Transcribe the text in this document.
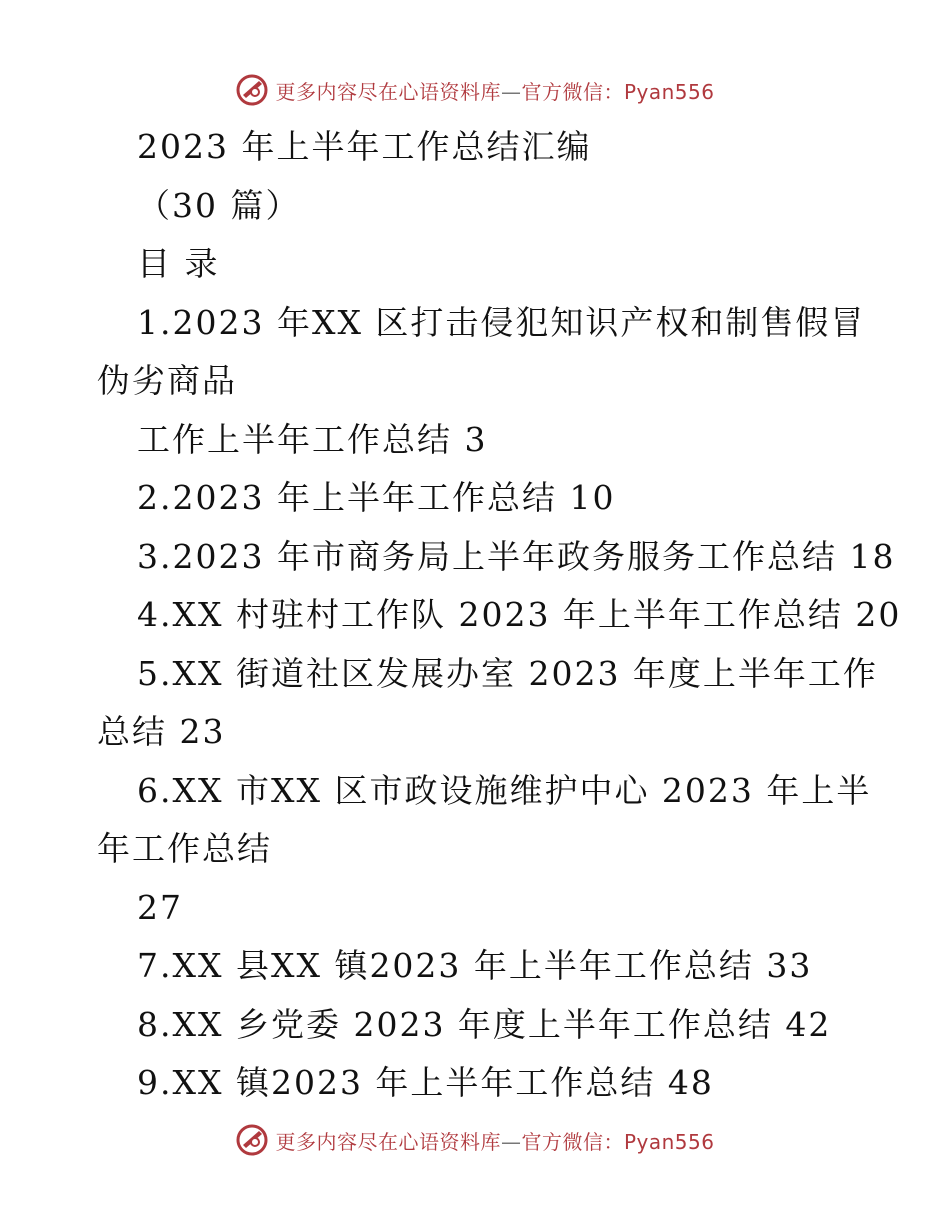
更多内容尽在心语资料库—官方微信：Pyan556
2023 年上半年工作总结汇编
（30 篇）
目 录
1.2023 年XX 区打击侵犯知识产权和制售假冒
伪劣商品
工作上半年工作总结 3
2.2023 年上半年工作总结 10
3.2023 年市商务局上半年政务服务工作总结 18
4.XX 村驻村工作队 2023 年上半年工作总结 20
5.XX 街道社区发展办室 2023 年度上半年工作
总结 23
6.XX 市XX 区市政设施维护中心 2023 年上半
年工作总结
27
7.XX 县XX 镇2023 年上半年工作总结 33
8.XX 乡党委 2023 年度上半年工作总结 42
9.XX 镇2023 年上半年工作总结 48
更多内容尽在心语资料库—官方微信：Pyan556
